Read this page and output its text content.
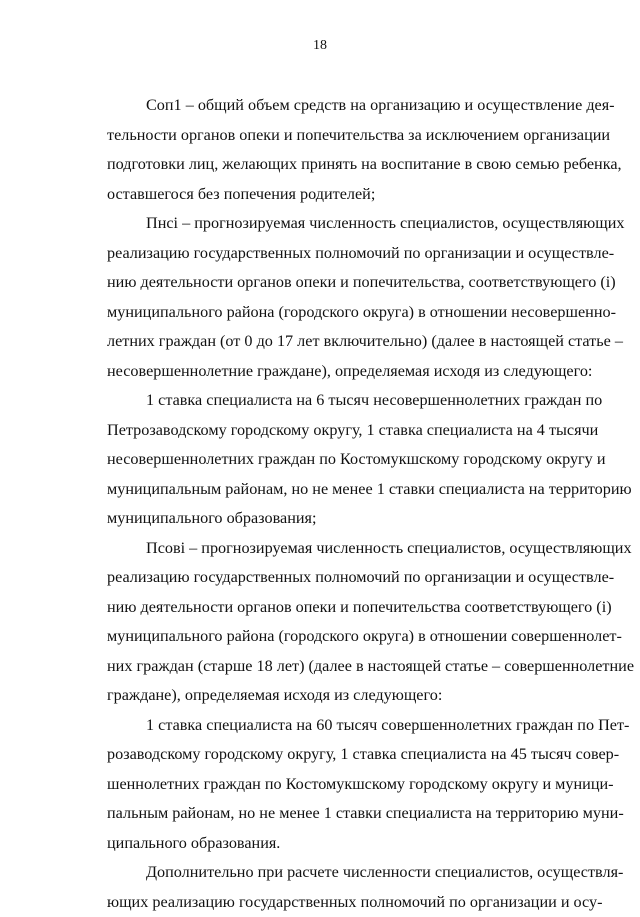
18
Соп1 – общий объем средств на организацию и осуществление дея-
тельности органов опеки и попечительства за исключением организации
подготовки лиц, желающих принять на воспитание в свою семью ребенка,
оставшегося без попечения родителей;
Пнсi – прогнозируемая численность специалистов, осуществляющих
реализацию государственных полномочий по организации и осуществле-
нию деятельности органов опеки и попечительства, соответствующего (i)
муниципального района (городского округа) в отношении несовершенно-
летних граждан (от 0 до 17 лет включительно) (далее в настоящей статье –
несовершеннолетние граждане), определяемая исходя из следующего:
1 ставка специалиста на 6 тысяч несовершеннолетних граждан по
Петрозаводскому городскому округу, 1 ставка специалиста на 4 тысячи
несовершеннолетних граждан по Костомукшскому городскому округу и
муниципальным районам, но не менее 1 ставки специалиста на территорию
муниципального образования;
Псовi – прогнозируемая численность специалистов, осуществляющих
реализацию государственных полномочий по организации и осуществле-
нию деятельности органов опеки и попечительства соответствующего (i)
муниципального района (городского округа) в отношении совершеннолет-
них граждан (старше 18 лет) (далее в настоящей статье – совершеннолетние
граждане), определяемая исходя из следующего:
1 ставка специалиста на 60 тысяч совершеннолетних граждан по Пет-
розаводскому городскому округу, 1 ставка специалиста на 45 тысяч совер-
шеннолетних граждан по Костомукшскому городскому округу и муници-
пальным районам, но не менее 1 ставки специалиста на территорию муни-
ципального образования.
Дополнительно при расчете численности специалистов, осуществля-
ющих реализацию государственных полномочий по организации и осу-
